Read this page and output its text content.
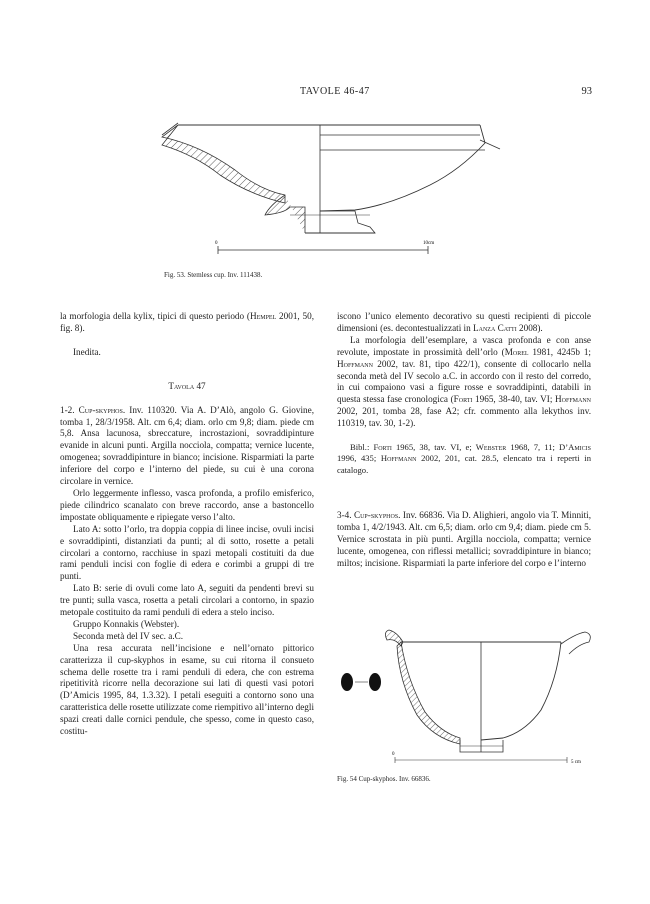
TAVOLE 46-47	93
0	10cm
Fig. 53. Stemless cup. Inv. 111438.

la morfologia della kylix, tipici di questo periodo (Hempel 2001, 50, fig. 8).

Inedita.

Tavola 47

1-2. Cup-skyphos. Inv. 110320. Via A. D’Alò, angolo G. Giovine, tomba 1, 28/3/1958. Alt. cm 6,4; diam. orlo cm 9,8; diam. piede cm 5,8. Ansa lacunosa, sbreccature, incrostazioni, sovraddipinture evanide in alcuni punti. Argilla nocciola, compatta; vernice lucente, omogenea; sovraddipinture in bianco; incisione. Risparmiati la parte inferiore del corpo e l’interno del piede, su cui è una corona circolare in vernice.

Orlo leggermente inflesso, vasca profonda, a profilo emisferico, piede cilindrico scanalato con breve raccordo, anse a bastoncello impostate obliquamente e ripiegate verso l’alto.

Lato A: sotto l’orlo, tra doppia coppia di linee incise, ovuli incisi e sovraddipinti, distanziati da punti; al di sotto, rosette a petali circolari a contorno, racchiuse in spazi metopali costituiti da due rami penduli incisi con foglie di edera e corimbi a gruppi di tre punti.

Lato B: serie di ovuli come lato A, seguiti da pendenti brevi su tre punti; sulla vasca, rosetta a petali circolari a contorno, in spazio metopale costituito da rami penduli di edera a stelo inciso.

Gruppo Konnakis (Webster).

Seconda metà del IV sec. a.C.

Una resa accurata nell’incisione e nell’ornato pittorico caratterizza il cup-skyphos in esame, su cui ritorna il consueto schema delle rosette tra i rami penduli di edera, che con estrema ripetitività ricorre nella decorazione sui lati di questi vasi potori (D’Amicis 1995, 84, 1.3.32). I petali eseguiti a contorno sono una caratteristica delle rosette utilizzate come riempitivo all’interno degli spazi creati dalle cornici pendule, che spesso, come in questo caso, costitu-

iscono l’unico elemento decorativo su questi recipienti di piccole dimensioni (es. decontestualizzati in Lanza Catti 2008).

La morfologia dell’esemplare, a vasca profonda e con anse revolute, impostate in prossimità dell’orlo (Morel 1981, 4245b 1; Hoffmann 2002, tav. 81, tipo 422/1), consente di collocarlo nella seconda metà del IV secolo a.C. in accordo con il resto del corredo, in cui compaiono vasi a figure rosse e sovraddipinti, databili in questa stessa fase cronologica (Forti 1965, 38-40, tav. VI; Hoffmann 2002, 201, tomba 28, fase A2; cfr. commento alla lekythos inv. 110319, tav. 30, 1-2).

Bibl.: Forti 1965, 38, tav. VI, e; Webster 1968, 7, 11; D’Amicis 1996, 435; Hoffmann 2002, 201, cat. 28.5, elencato tra i reperti in catalogo.

3-4. Cup-skyphos. Inv. 66836. Via D. Alighieri, angolo via T. Minniti, tomba 1, 4/2/1943. Alt. cm 6,5; diam. orlo cm 9,4; diam. piede cm 5. Vernice scrostata in più punti. Argilla nocciola, compatta; vernice lucente, omogenea, con riflessi metallici; sovraddipinture in bianco; miltos; incisione. Risparmiati la parte inferiore del corpo e l’interno

0
5 cm
Fig. 54 Cup-skyphos. Inv. 66836.
